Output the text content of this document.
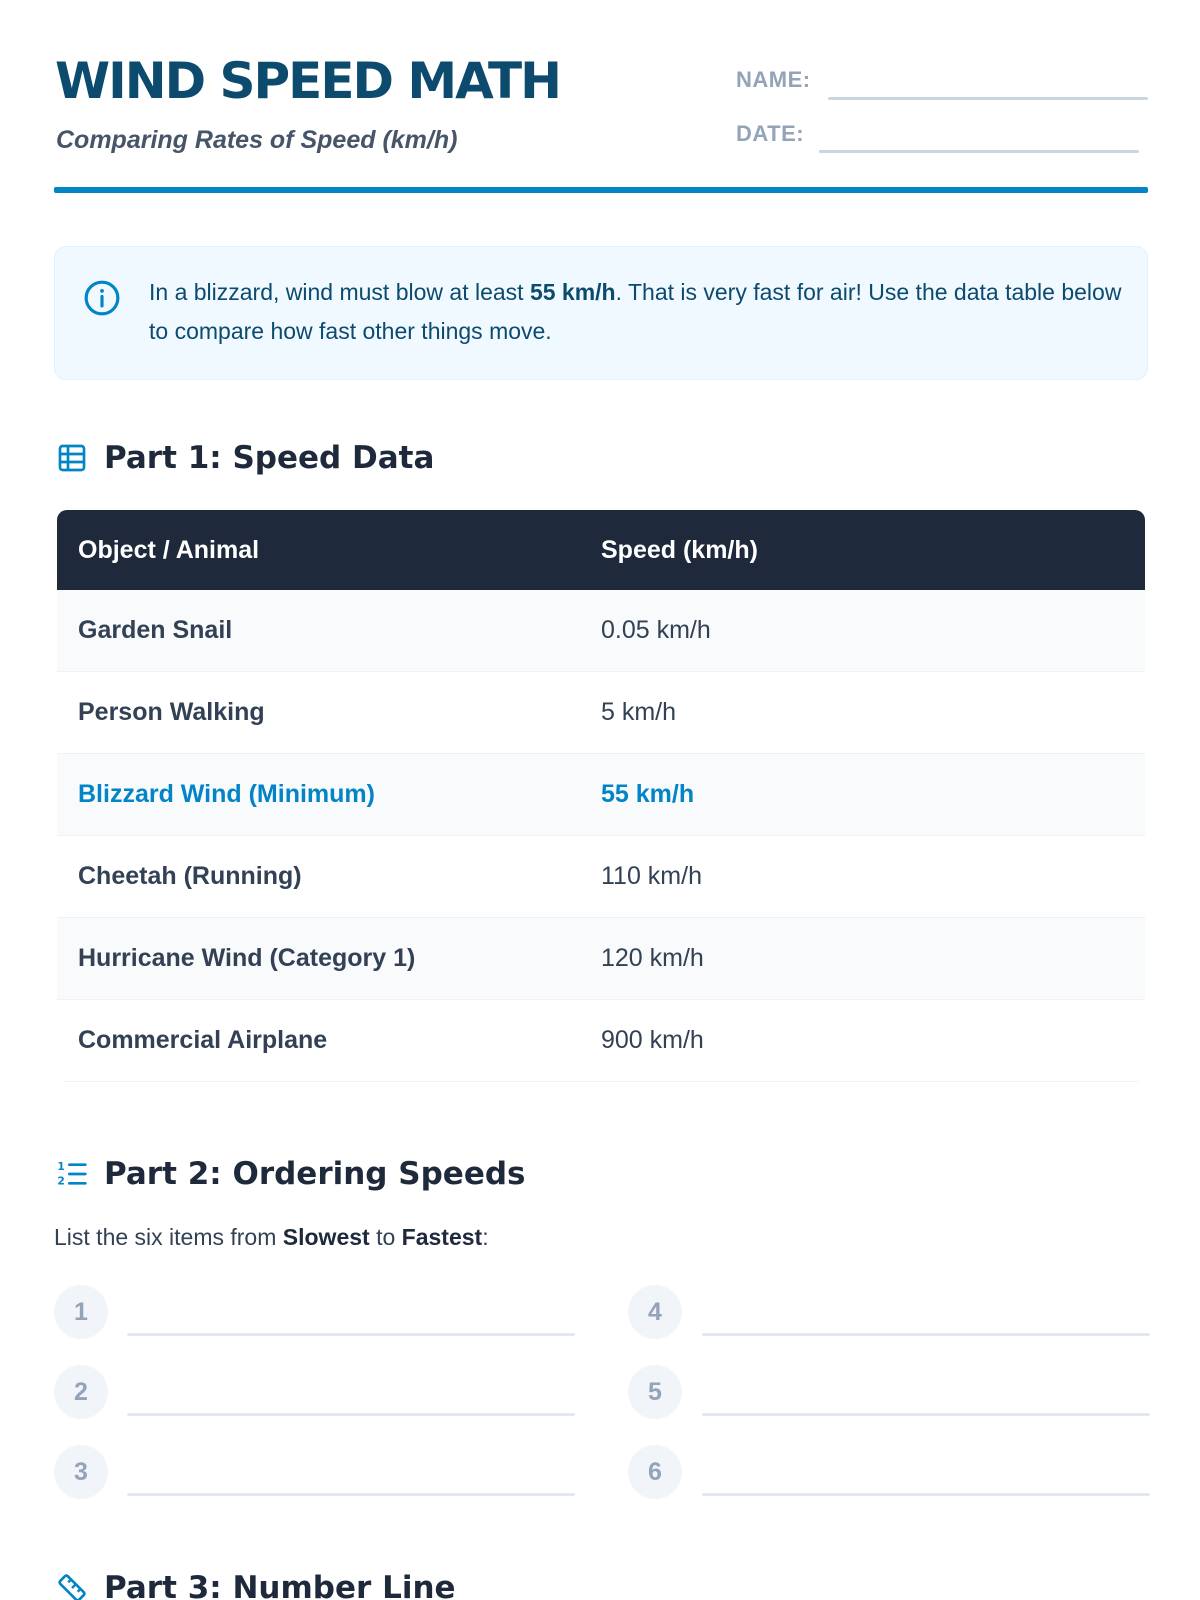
WIND SPEED MATH
Comparing Rates of Speed (km/h)
NAME:
DATE:
In a blizzard, wind must blow at least 55 km/h. That is very fast for air! Use the data table below to compare how fast other things move.
Part 1: Speed Data
Object / Animal	Speed (km/h)
Garden Snail	0.05 km/h
Person Walking	5 km/h
Blizzard Wind (Minimum)	55 km/h
Cheetah (Running)	110 km/h
Hurricane Wind (Category 1)	120 km/h
Commercial Airplane	900 km/h
1
2 Part 2: Ordering Speeds
List the six items from Slowest to Fastest:
1
2
3
4
5
6
Part 3: Number Line
